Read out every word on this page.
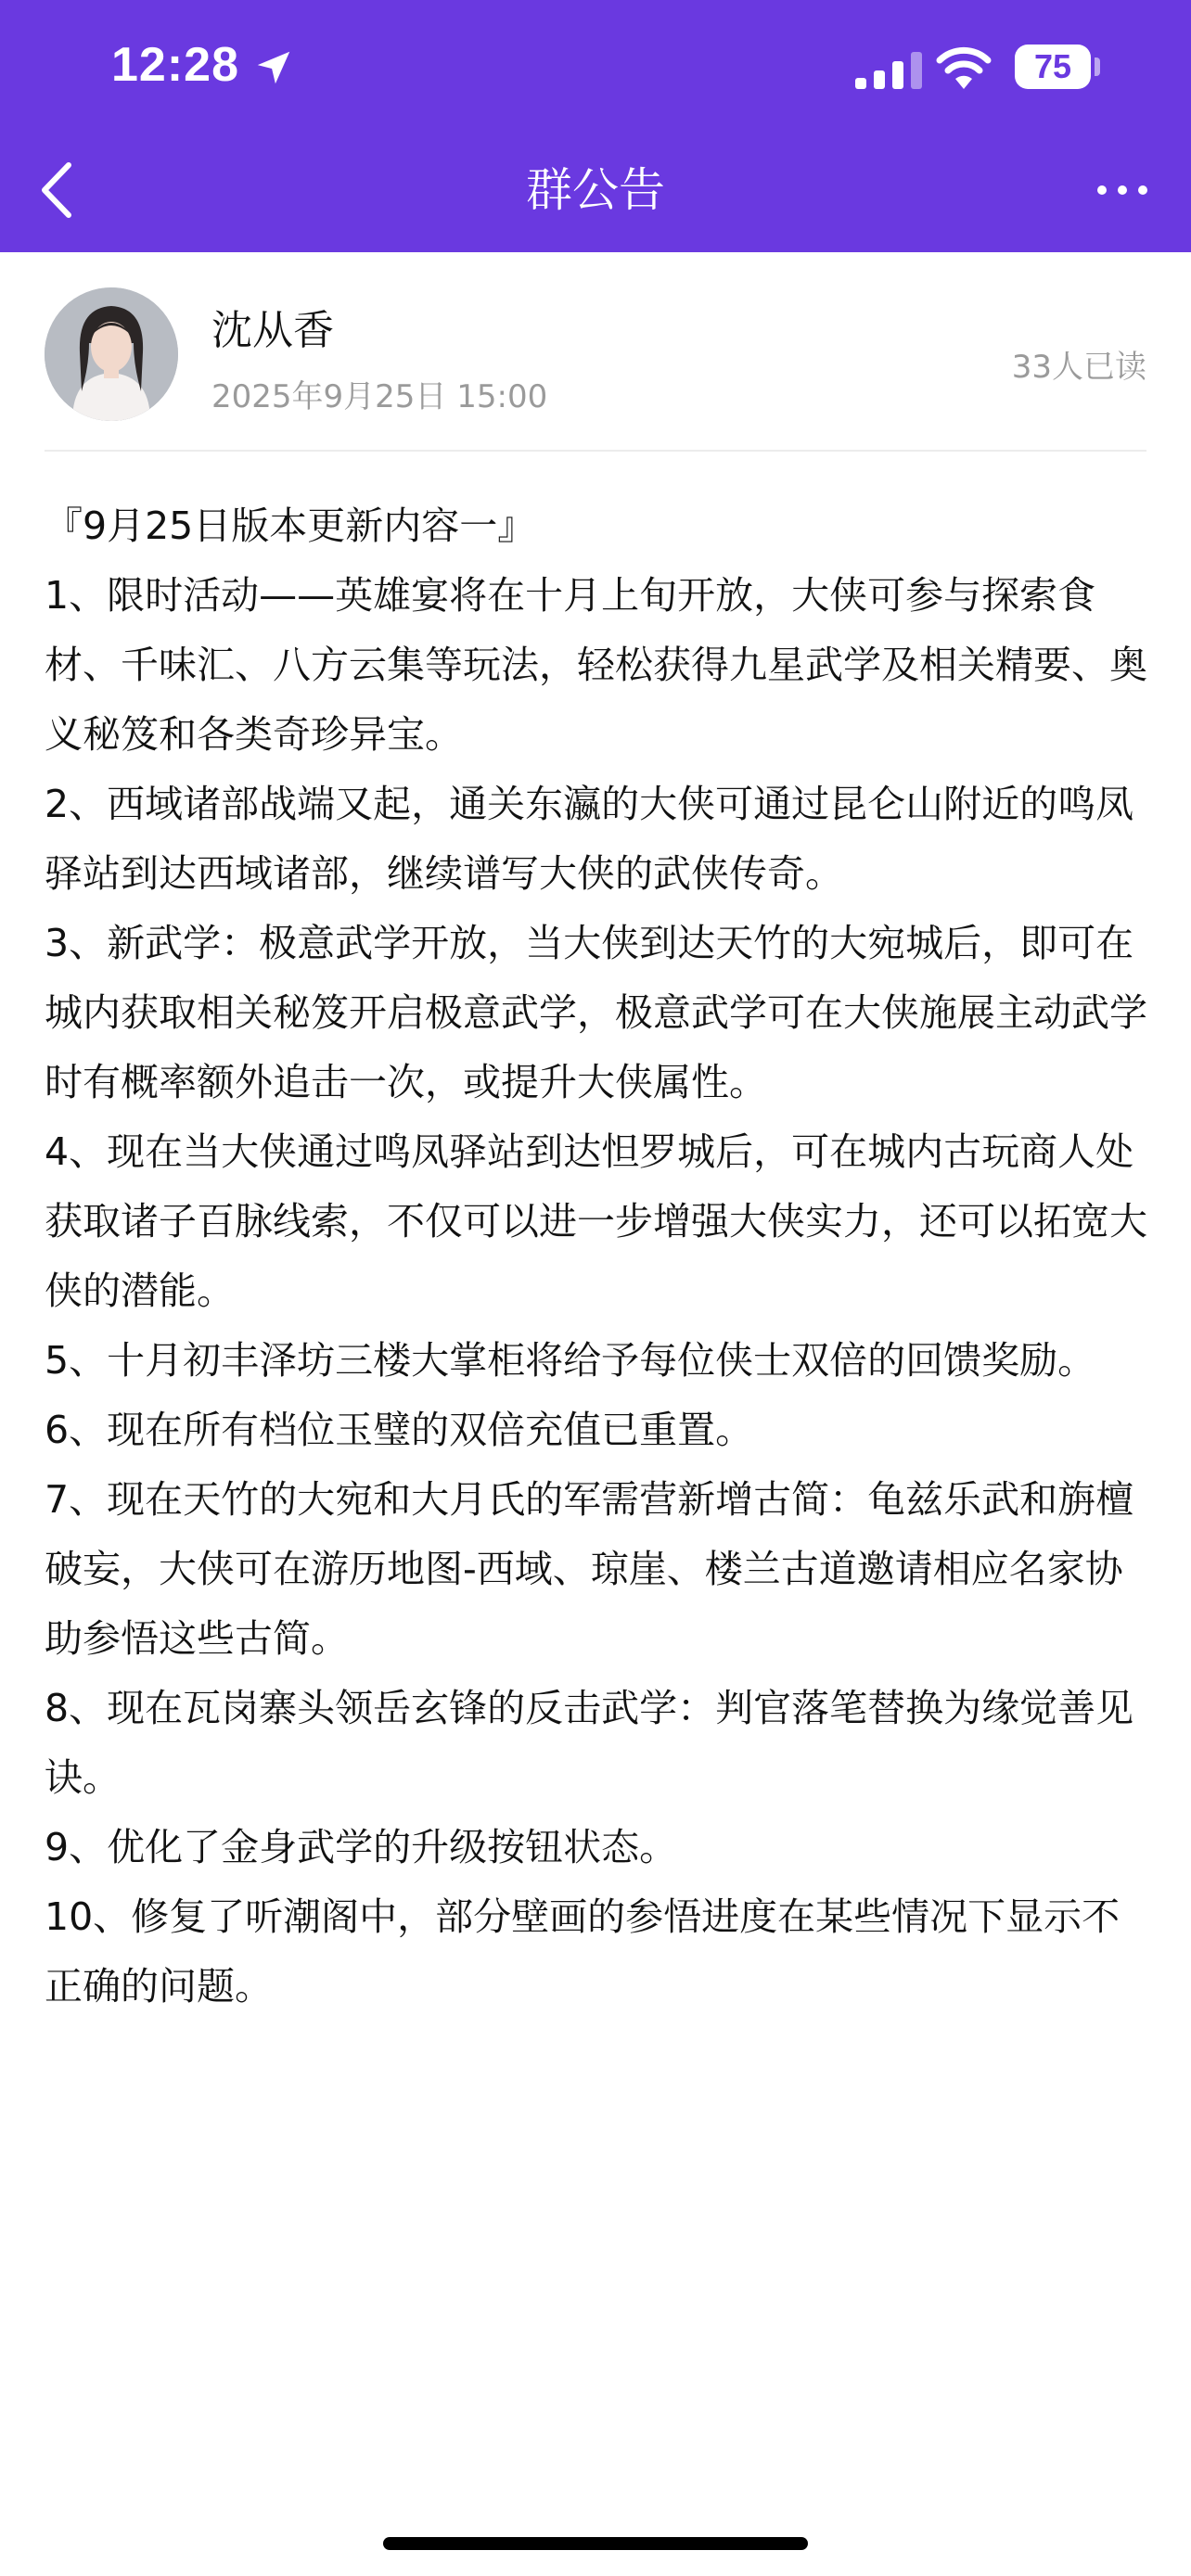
12:28	75
群公告
沈从香
2025年9月25日 15:00
33人已读

『9月25日版本更新内容一』

1、限时活动——英雄宴将在十月上旬开放，大侠可参与探索食材、千味汇、八方云集等玩法，轻松获得九星武学及相关精要、奥义秘笈和各类奇珍异宝。

2、西域诸部战端又起，通关东瀛的大侠可通过昆仑山附近的鸣凤驿站到达西域诸部，继续谱写大侠的武侠传奇。

3、新武学：极意武学开放，当大侠到达天竹的大宛城后，即可在城内获取相关秘笈开启极意武学，极意武学可在大侠施展主动武学时有概率额外追击一次，或提升大侠属性。

4、现在当大侠通过鸣凤驿站到达怛罗城后，可在城内古玩商人处获取诸子百脉线索，不仅可以进一步增强大侠实力，还可以拓宽大侠的潜能。

5、十月初丰泽坊三楼大掌柜将给予每位侠士双倍的回馈奖励。

6、现在所有档位玉璧的双倍充值已重置。

7、现在天竹的大宛和大月氏的军需营新增古简：龟兹乐武和旃檀破妄，大侠可在游历地图-西域、琼崖、楼兰古道邀请相应名家协助参悟这些古简。

8、现在瓦岗寨头领岳玄锋的反击武学：判官落笔替换为缘觉善见诀。

9、优化了金身武学的升级按钮状态。

10、修复了听潮阁中，部分壁画的参悟进度在某些情况下显示不正确的问题。
